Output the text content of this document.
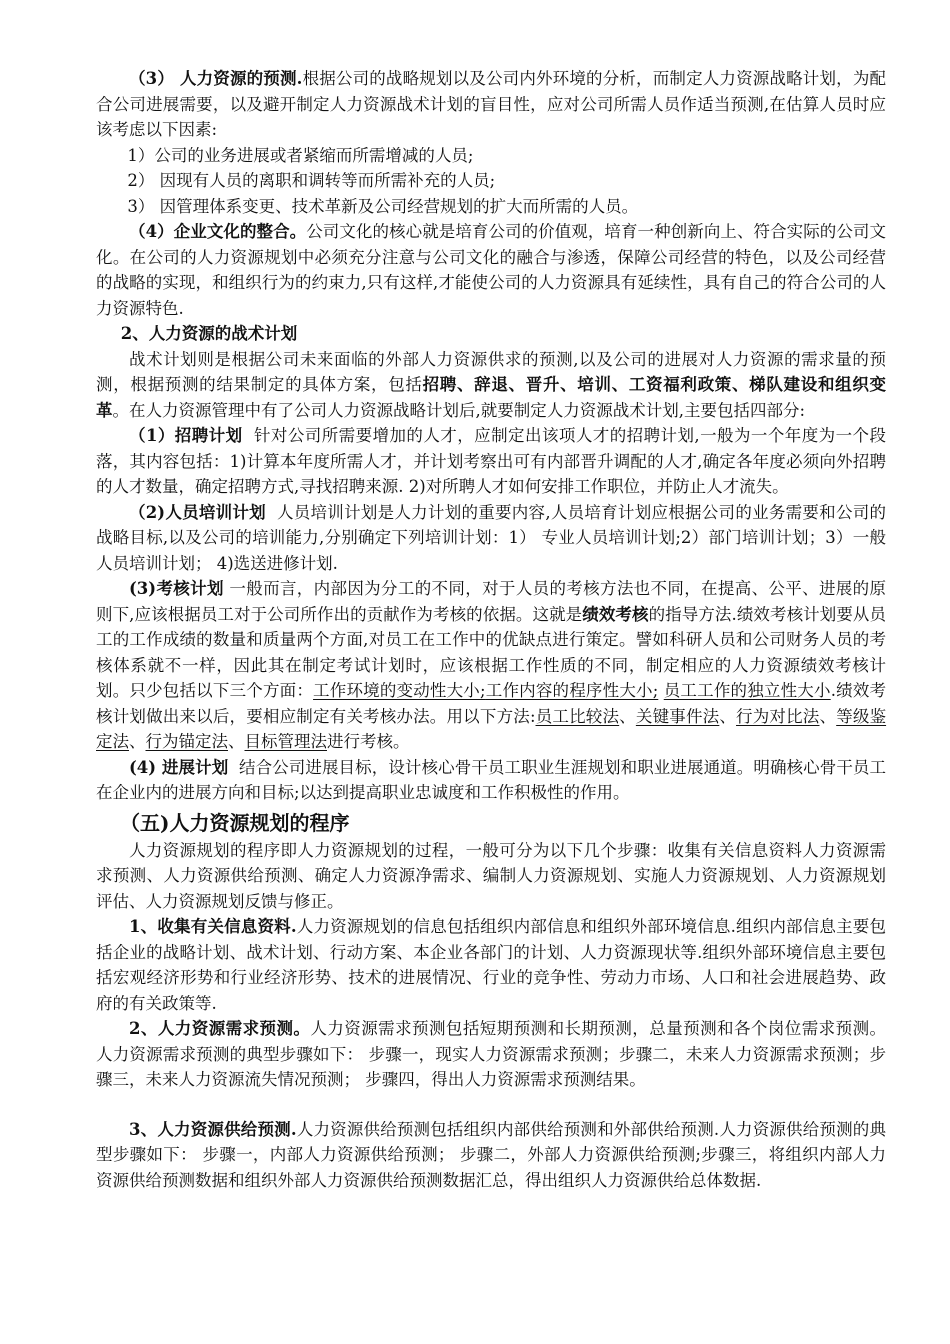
（3） 人力资源的预测.根据公司的战略规划以及公司内外环境的分析，而制定人力资源战略计划，为配合公司进展需要，以及避开制定人力资源战术计划的盲目性，应对公司所需人员作适当预测,在估算人员时应该考虑以下因素:

1）公司的业务进展或者紧缩而所需增减的人员;

2） 因现有人员的离职和调转等而所需补充的人员;

3） 因管理体系变更、技术革新及公司经营规划的扩大而所需的人员。

（4）企业文化的整合。公司文化的核心就是培育公司的价值观，培育一种创新向上、符合实际的公司文化。在公司的人力资源规划中必须充分注意与公司文化的融合与渗透，保障公司经营的特色，以及公司经营的战略的实现，和组织行为的约束力,只有这样,才能使公司的人力资源具有延续性，具有自己的符合公司的人力资源特色.

2、人力资源的战术计划

战术计划则是根据公司未来面临的外部人力资源供求的预测,以及公司的进展对人力资源的需求量的预测，根据预测的结果制定的具体方案，包括招聘、辞退、晋升、培训、工资福利政策、梯队建设和组织变革。在人力资源管理中有了公司人力资源战略计划后,就要制定人力资源战术计划,主要包括四部分:

（1）招聘计划 针对公司所需要增加的人才，应制定出该项人才的招聘计划,一般为一个年度为一个段落，其内容包括：1)计算本年度所需人才，并计划考察出可有内部晋升调配的人才,确定各年度必须向外招聘的人才数量，确定招聘方式,寻找招聘来源. 2)对所聘人才如何安排工作职位，并防止人才流失。

（2)人员培训计划 人员培训计划是人力计划的重要内容,人员培育计划应根据公司的业务需要和公司的战略目标,以及公司的培训能力,分别确定下列培训计划：1） 专业人员培训计划;2）部门培训计划；3）一般人员培训计划； 4)选送进修计划.

(3)考核计划 一般而言，内部因为分工的不同，对于人员的考核方法也不同，在提高、公平、进展的原则下,应该根据员工对于公司所作出的贡献作为考核的依据。这就是绩效考核的指导方法.绩效考核计划要从员工的工作成绩的数量和质量两个方面,对员工在工作中的优缺点进行策定。譬如科研人员和公司财务人员的考核体系就不一样，因此其在制定考试计划时，应该根据工作性质的不同，制定相应的人力资源绩效考核计划。只少包括以下三个方面：工作环境的变动性大小;工作内容的程序性大小; 员工工作的独立性大小.绩效考核计划做出来以后，要相应制定有关考核办法。用以下方法:员工比较法、关键事件法、行为对比法、等级鉴定法、行为锚定法、目标管理法进行考核。

(4) 进展计划 结合公司进展目标，设计核心骨干员工职业生涯规划和职业进展通道。明确核心骨干员工在企业内的进展方向和目标;以达到提高职业忠诚度和工作积极性的作用。

（五)人力资源规划的程序

人力资源规划的程序即人力资源规划的过程，一般可分为以下几个步骤：收集有关信息资料人力资源需求预测、人力资源供给预测、确定人力资源净需求、编制人力资源规划、实施人力资源规划、人力资源规划评估、人力资源规划反馈与修正。

1、收集有关信息资料.人力资源规划的信息包括组织内部信息和组织外部环境信息.组织内部信息主要包括企业的战略计划、战术计划、行动方案、本企业各部门的计划、人力资源现状等.组织外部环境信息主要包括宏观经济形势和行业经济形势、技术的进展情况、行业的竞争性、劳动力市场、人口和社会进展趋势、政府的有关政策等.

2、人力资源需求预测。人力资源需求预测包括短期预测和长期预测，总量预测和各个岗位需求预测。 人力资源需求预测的典型步骤如下： 步骤一，现实人力资源需求预测；步骤二，未来人力资源需求预测；步骤三，未来人力资源流失情况预测； 步骤四，得出人力资源需求预测结果。

3、人力资源供给预测.人力资源供给预测包括组织内部供给预测和外部供给预测.人力资源供给预测的典型步骤如下： 步骤一，内部人力资源供给预测； 步骤二，外部人力资源供给预测;步骤三，将组织内部人力资源供给预测数据和组织外部人力资源供给预测数据汇总，得出组织人力资源供给总体数据.
